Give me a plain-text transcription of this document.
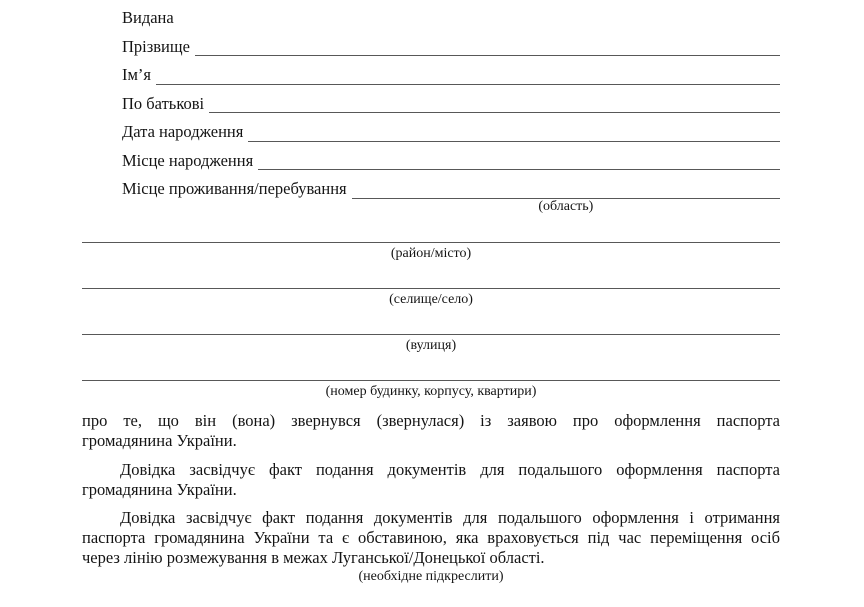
Видана
Прізвище
Ім’я
По батькові
Дата народження
Місце народження
Місце проживання/перебування
(область)
(район/місто)
(селище/село)
(вулиця)
(номер будинку, корпусу, квартири)
про те, що він (вона) звернувся (звернулася) із заявою про оформлення паспорта
громадянина України.
Довідка засвідчує факт подання документів для подальшого оформлення паспорта
громадянина України.
Довідка засвідчує факт подання документів для подальшого оформлення і отримання
паспорта громадянина України та є обставиною, яка враховується під час переміщення осіб
через лінію розмежування в межах Луганської/Донецької області.
(необхідне підкреслити)
